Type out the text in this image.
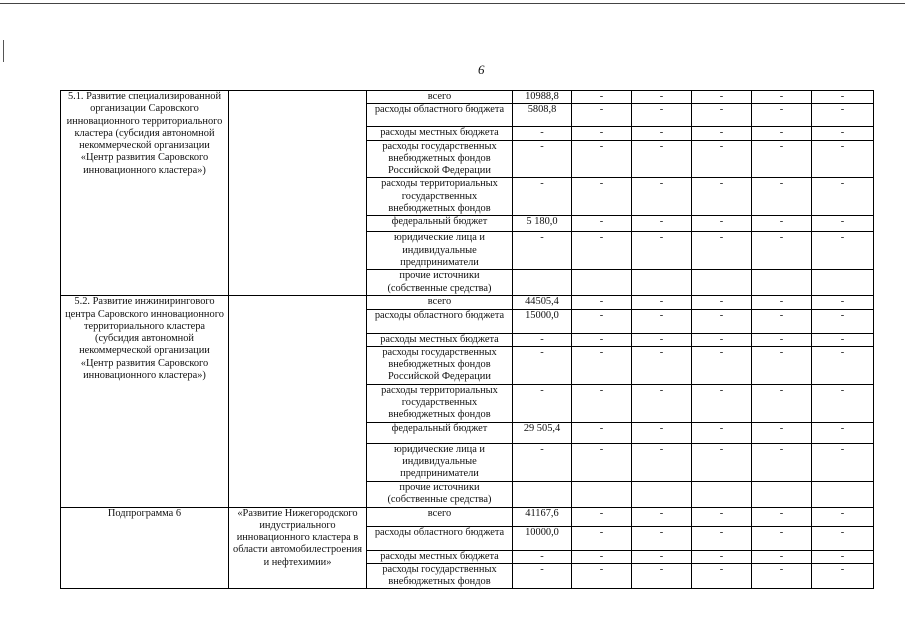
6
5.1. Развитие специализированной организации Саровского инновационного территориального кластера (субсидия автономной некоммерческой организации «Центр развития Саровского инновационного кластера»)		всего	10988,8	-	-	-	-	-
		расходы областного бюджета	5808,8	-	-	-	-	-
		расходы местных бюджета	-	-	-	-	-	-
		расходы государственных внебюджетных фондов Российской Федерации	-	-	-	-	-	-
		расходы территориальных государственных внебюджетных фондов	-	-	-	-	-	-
		федеральный бюджет	5 180,0	-	-	-	-	-
		юридические лица и индивидуальные предприниматели	-	-	-	-	-	-
		прочие источники (собственные средства)						
5.2. Развитие инжинирингового центра Саровского инновационного территориального кластера (субсидия автономной некоммерческой организации «Центр развития Саровского инновационного кластера»)		всего	44505,4	-	-	-	-	-
		расходы областного бюджета	15000,0	-	-	-	-	-
		расходы местных бюджета	-	-	-	-	-	-
		расходы государственных внебюджетных фондов Российской Федерации	-	-	-	-	-	-
		расходы территориальных государственных внебюджетных фондов	-	-	-	-	-	-
		федеральный бюджет	29 505,4	-	-	-	-	-
		юридические лица и индивидуальные предприниматели	-	-	-	-	-	-
		прочие источники (собственные средства)						
Подпрограмма 6	«Развитие Нижегородского индустриального инновационного кластера в области автомобилестроения и нефтехимии»	всего	41167,6	-	-	-	-	-
		расходы областного бюджета	10000,0	-	-	-	-	-
		расходы местных бюджета	-	-	-	-	-	-
		расходы государственных внебюджетных фондов	-	-	-	-	-	-
